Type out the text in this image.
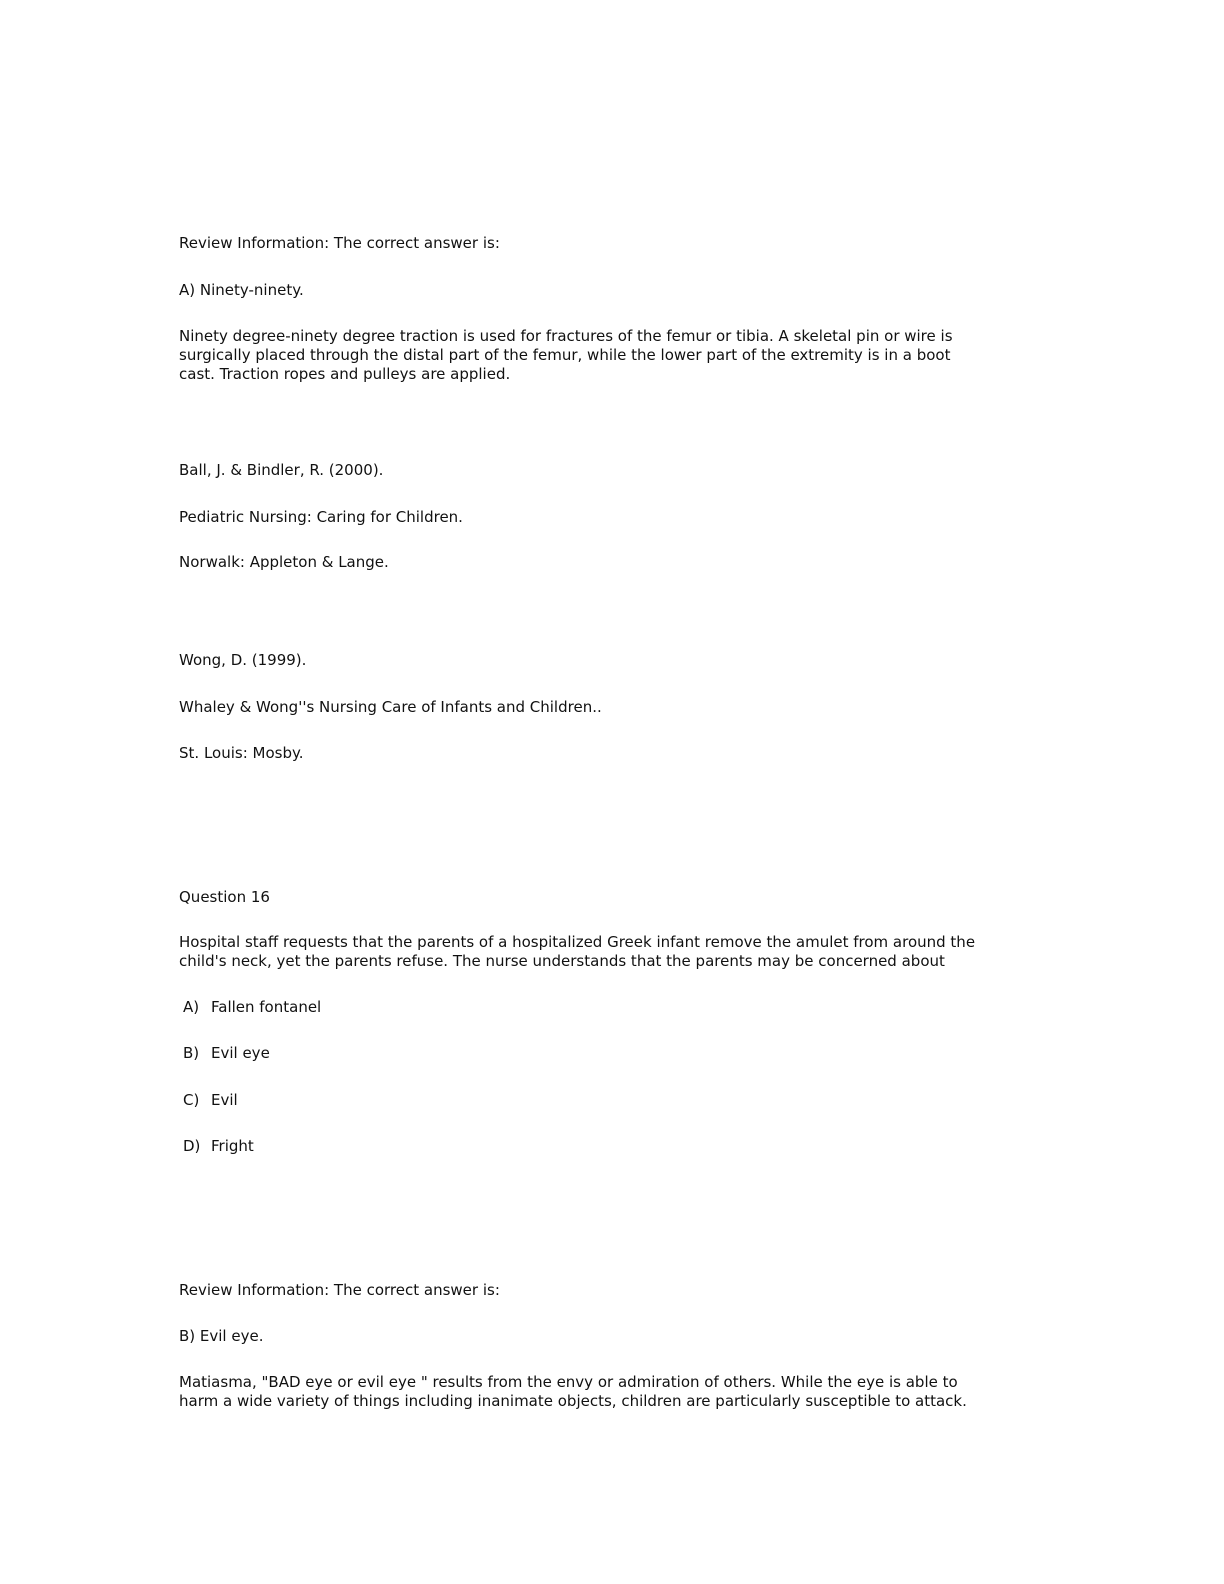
Review Information: The correct answer is:

A) Ninety-ninety.

Ninety degree-ninety degree traction is used for fractures of the femur or tibia. A skeletal pin or wire is
surgically placed through the distal part of the femur, while the lower part of the extremity is in a boot
cast. Traction ropes and pulleys are applied.

Ball, J. & Bindler, R. (2000).

Pediatric Nursing: Caring for Children.

Norwalk: Appleton & Lange.

Wong, D. (1999).

Whaley & Wong''s Nursing Care of Infants and Children..

St. Louis: Mosby.

Question 16

Hospital staff requests that the parents of a hospitalized Greek infant remove the amulet from around the
child's neck, yet the parents refuse. The nurse understands that the parents may be concerned about
A) Fallen fontanel
B) Evil eye
C) Evil
D) Fright

Review Information: The correct answer is:

B) Evil eye.

Matiasma, "BAD eye or evil eye " results from the envy or admiration of others. While the eye is able to
harm a wide variety of things including inanimate objects, children are particularly susceptible to attack.
